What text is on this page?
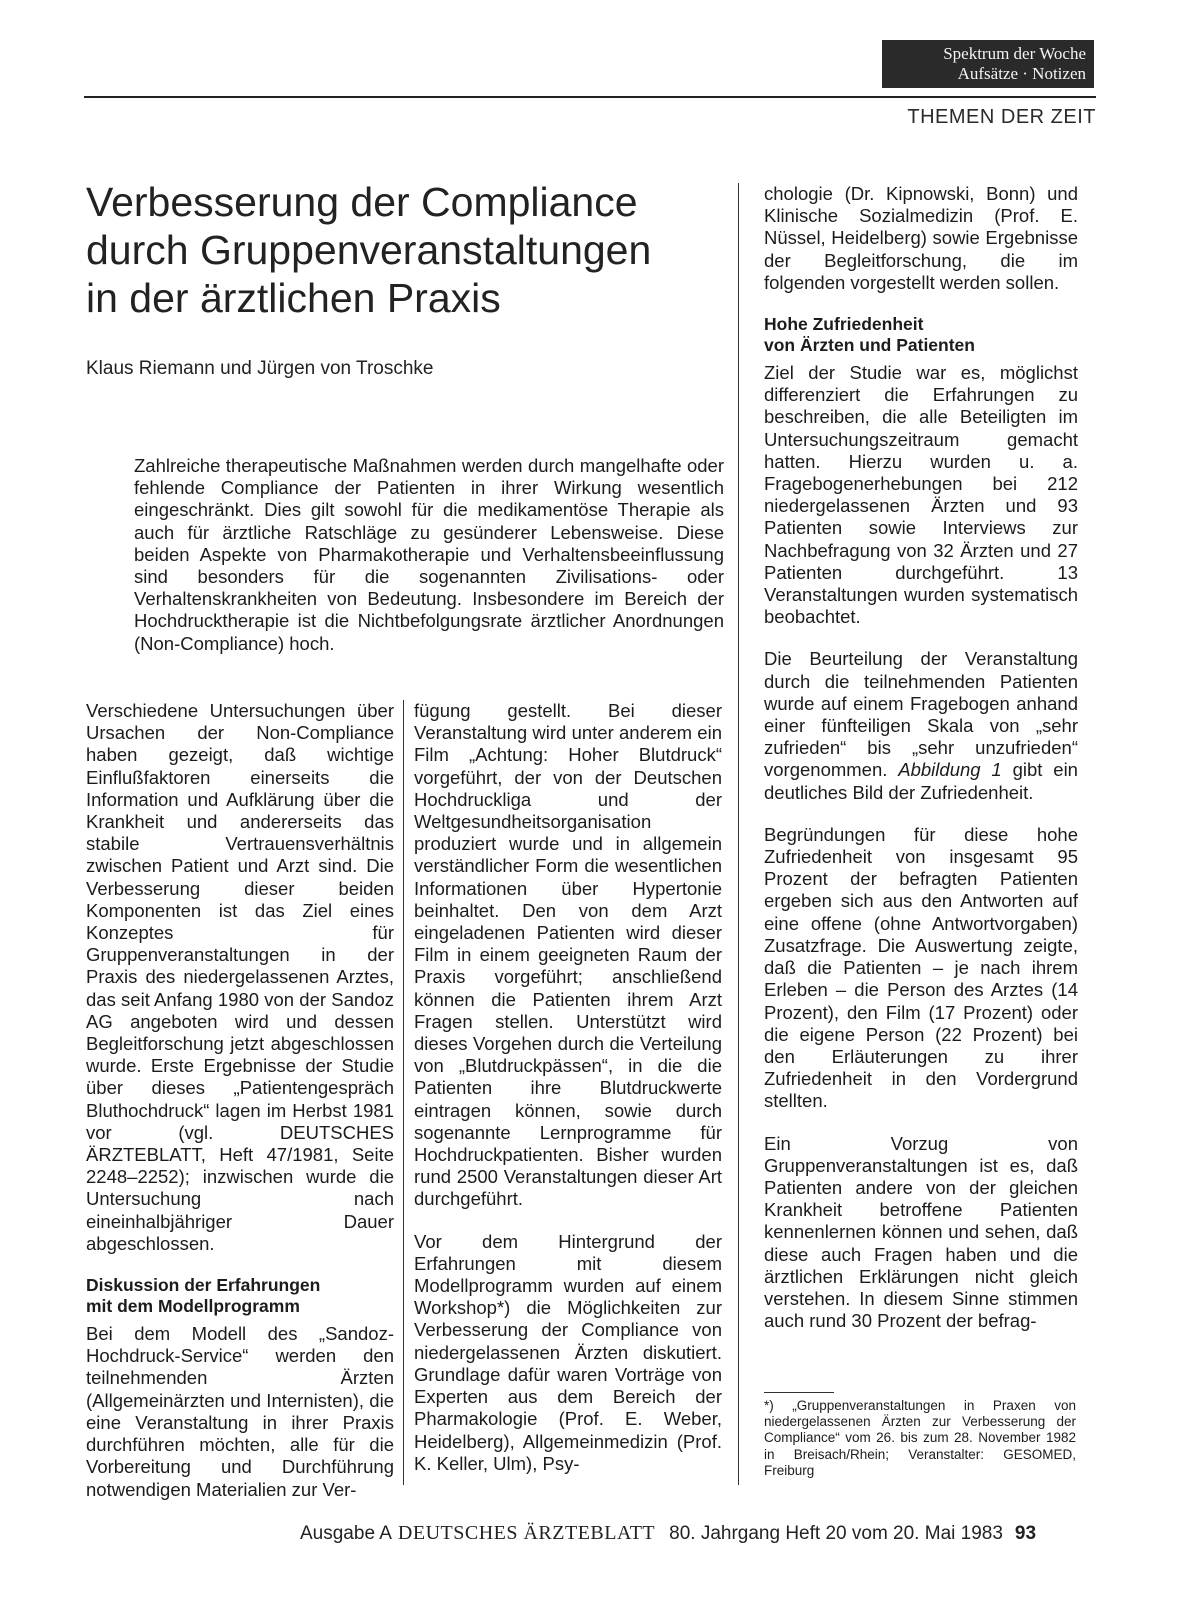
Spektrum der Woche
Aufsätze · Notizen
THEMEN DER ZEIT
Verbesserung der Compliance
durch Gruppenveranstaltungen
in der ärztlichen Praxis
Klaus Riemann und Jürgen von Troschke
Zahlreiche therapeutische Maßnahmen werden durch mangelhafte oder fehlende Compliance der Patienten in ihrer Wirkung wesentlich eingeschränkt. Dies gilt sowohl für die medikamentöse Therapie als auch für ärztliche Ratschläge zu gesünderer Lebensweise. Diese beiden Aspekte von Pharmakotherapie und Verhaltensbeeinflussung sind besonders für die sogenannten Zivilisations- oder Verhaltenskrankheiten von Bedeutung. Insbesondere im Bereich der Hochdrucktherapie ist die Nichtbefolgungsrate ärztlicher Anordnungen (Non-Compliance) hoch.

Verschiedene Untersuchungen über Ursachen der Non-Compliance haben gezeigt, daß wichtige Einflußfaktoren einerseits die Information und Aufklärung über die Krankheit und andererseits das stabile Vertrauensverhältnis zwischen Patient und Arzt sind. Die Verbesserung dieser beiden Komponenten ist das Ziel eines Konzeptes für Gruppenveranstaltungen in der Praxis des niedergelassenen Arztes, das seit Anfang 1980 von der Sandoz AG angeboten wird und dessen Begleitforschung jetzt abgeschlossen wurde. Erste Ergebnisse der Studie über dieses „Patientengespräch Bluthochdruck“ lagen im Herbst 1981 vor (vgl. DEUTSCHES ÄRZTEBLATT, Heft 47/1981, Seite 2248–2252); inzwischen wurde die Untersuchung nach eineinhalbjähriger Dauer abgeschlossen.

Diskussion der Erfahrungen
mit dem Modellprogramm

Bei dem Modell des „Sandoz-Hochdruck-Service“ werden den teilnehmenden Ärzten (Allgemeinärzten und Internisten), die eine Veranstaltung in ihrer Praxis durchführen möchten, alle für die Vorbereitung und Durchführung notwendigen Materialien zur Ver-

fügung gestellt. Bei dieser Veranstaltung wird unter anderem ein Film „Achtung: Hoher Blutdruck“ vorgeführt, der von der Deutschen Hochdruckliga und der Weltgesundheitsorganisation produziert wurde und in allgemein verständlicher Form die wesentlichen Informationen über Hypertonie beinhaltet. Den von dem Arzt eingeladenen Patienten wird dieser Film in einem geeigneten Raum der Praxis vorgeführt; anschließend können die Patienten ihrem Arzt Fragen stellen. Unterstützt wird dieses Vorgehen durch die Verteilung von „Blutdruckpässen“, in die die Patienten ihre Blutdruckwerte eintragen können, sowie durch sogenannte Lernprogramme für Hochdruckpatienten. Bisher wurden rund 2500 Veranstaltungen dieser Art durchgeführt.

Vor dem Hintergrund der Erfahrungen mit diesem Modellprogramm wurden auf einem Workshop*) die Möglichkeiten zur Verbesserung der Compliance von niedergelassenen Ärzten diskutiert. Grundlage dafür waren Vorträge von Experten aus dem Bereich der Pharmakologie (Prof. E. Weber, Heidelberg), Allgemeinmedizin (Prof. K. Keller, Ulm), Psy-

chologie (Dr. Kipnowski, Bonn) und Klinische Sozialmedizin (Prof. E. Nüssel, Heidelberg) sowie Ergebnisse der Begleitforschung, die im folgenden vorgestellt werden sollen.

Hohe Zufriedenheit
von Ärzten und Patienten

Ziel der Studie war es, möglichst differenziert die Erfahrungen zu beschreiben, die alle Beteiligten im Untersuchungszeitraum gemacht hatten. Hierzu wurden u. a. Fragebogenerhebungen bei 212 niedergelassenen Ärzten und 93 Patienten sowie Interviews zur Nachbefragung von 32 Ärzten und 27 Patienten durchgeführt. 13 Veranstaltungen wurden systematisch beobachtet.

Die Beurteilung der Veranstaltung durch die teilnehmenden Patienten wurde auf einem Fragebogen anhand einer fünfteiligen Skala von „sehr zufrieden“ bis „sehr unzufrieden“ vorgenommen. Abbildung 1 gibt ein deutliches Bild der Zufriedenheit.

Begründungen für diese hohe Zufriedenheit von insgesamt 95 Prozent der befragten Patienten ergeben sich aus den Antworten auf eine offene (ohne Antwortvorgaben) Zusatzfrage. Die Auswertung zeigte, daß die Patienten – je nach ihrem Erleben – die Person des Arztes (14 Prozent), den Film (17 Prozent) oder die eigene Person (22 Prozent) bei den Erläuterungen zu ihrer Zufriedenheit in den Vordergrund stellten.

Ein Vorzug von Gruppenveranstaltungen ist es, daß Patienten andere von der gleichen Krankheit betroffene Patienten kennenlernen können und sehen, daß diese auch Fragen haben und die ärztlichen Erklärungen nicht gleich verstehen. In diesem Sinne stimmen auch rund 30 Prozent der befrag-

*) „Gruppenveranstaltungen in Praxen von niedergelassenen Ärzten zur Verbesserung der Compliance“ vom 26. bis zum 28. November 1982 in Breisach/Rhein; Veranstalter: GESOMED, Freiburg
Ausgabe A DEUTSCHES ÄRZTEBLATT 80. Jahrgang Heft 20 vom 20. Mai 1983 93
